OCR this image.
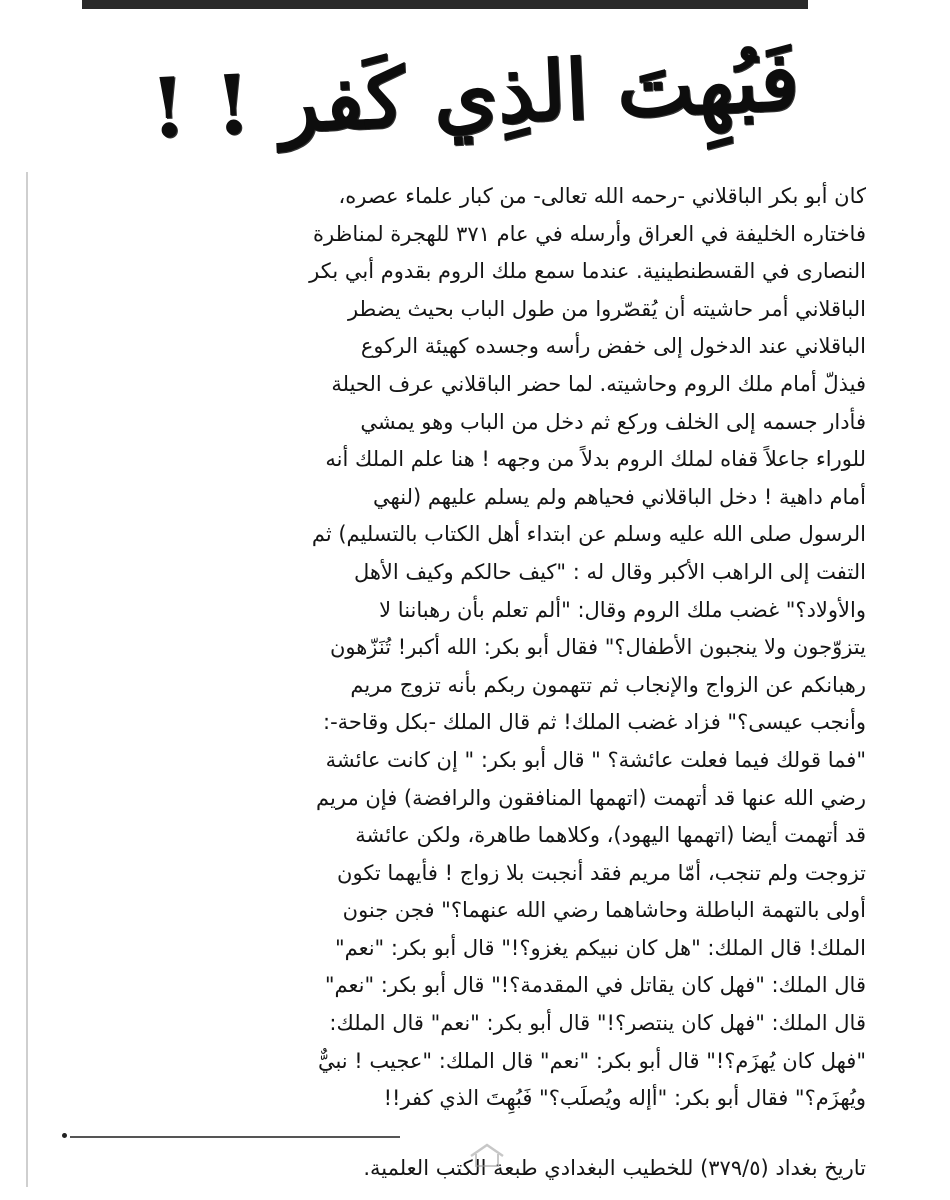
فَبُهِتَ الذِي كَفر ! !
كان أبو بكر الباقلاني -رحمه الله تعالى- من كبار علماء عصره،
فاختاره الخليفة في العراق وأرسله في عام ٣٧١ للهجرة لمناظرة
النصارى في القسطنطينية. عندما سمع ملك الروم بقدوم أبي بكر
الباقلاني أمر حاشيته أن يُقصّروا من طول الباب بحيث يضطر
الباقلاني عند الدخول إلى خفض رأسه وجسده كهيئة الركوع
فيذلّ أمام ملك الروم وحاشيته. لما حضر الباقلاني عرف الحيلة
فأدار جسمه إلى الخلف وركع ثم دخل من الباب وهو يمشي
للوراء جاعلاً قفاه لملك الروم بدلاً من وجهه ! هنا علم الملك أنه
أمام داهية ! دخل الباقلاني فحياهم ولم يسلم عليهم (لنهي
الرسول صلى الله عليه وسلم عن ابتداء أهل الكتاب بالتسليم) ثم
التفت إلى الراهب الأكبر وقال له : "كيف حالكم وكيف الأهل
والأولاد؟" غضب ملك الروم وقال: "ألم تعلم بأن رهباننا لا
يتزوّجون ولا ينجبون الأطفال؟" فقال أبو بكر: الله أكبر! تُنَزّهون
رهبانكم عن الزواج والإنجاب ثم تتهمون ربكم بأنه تزوج مريم
وأنجب عيسى؟" فزاد غضب الملك! ثم قال الملك -بكل وقاحة-:
"فما قولك فيما فعلت عائشة؟ " قال أبو بكر: " إن كانت عائشة
رضي الله عنها قد أتهمت (اتهمها المنافقون والرافضة) فإن مريم
قد أتهمت أيضا (اتهمها اليهود)، وكلاهما طاهرة، ولكن عائشة
تزوجت ولم تنجب، أمّا مريم فقد أنجبت بلا زواج ! فأيهما تكون
أولى بالتهمة الباطلة وحاشاهما رضي الله عنهما؟" فجن جنون
الملك! قال الملك: "هل كان نبيكم يغزو؟!" قال أبو بكر: "نعم"
قال الملك: "فهل كان يقاتل في المقدمة؟!" قال أبو بكر: "نعم"
قال الملك: "فهل كان ينتصر؟!" قال أبو بكر: "نعم" قال الملك:
"فهل كان يُهزَم؟!" قال أبو بكر: "نعم" قال الملك: "عجيب ! نبيٌّ
ويُهزَم؟" فقال أبو بكر: "أإله ويُصلَب؟" فَبُهِتَ الذي كفر!!
تاريخ بغداد (٣٧٩/٥) للخطيب البغدادي طبعة الكتب العلمية.
